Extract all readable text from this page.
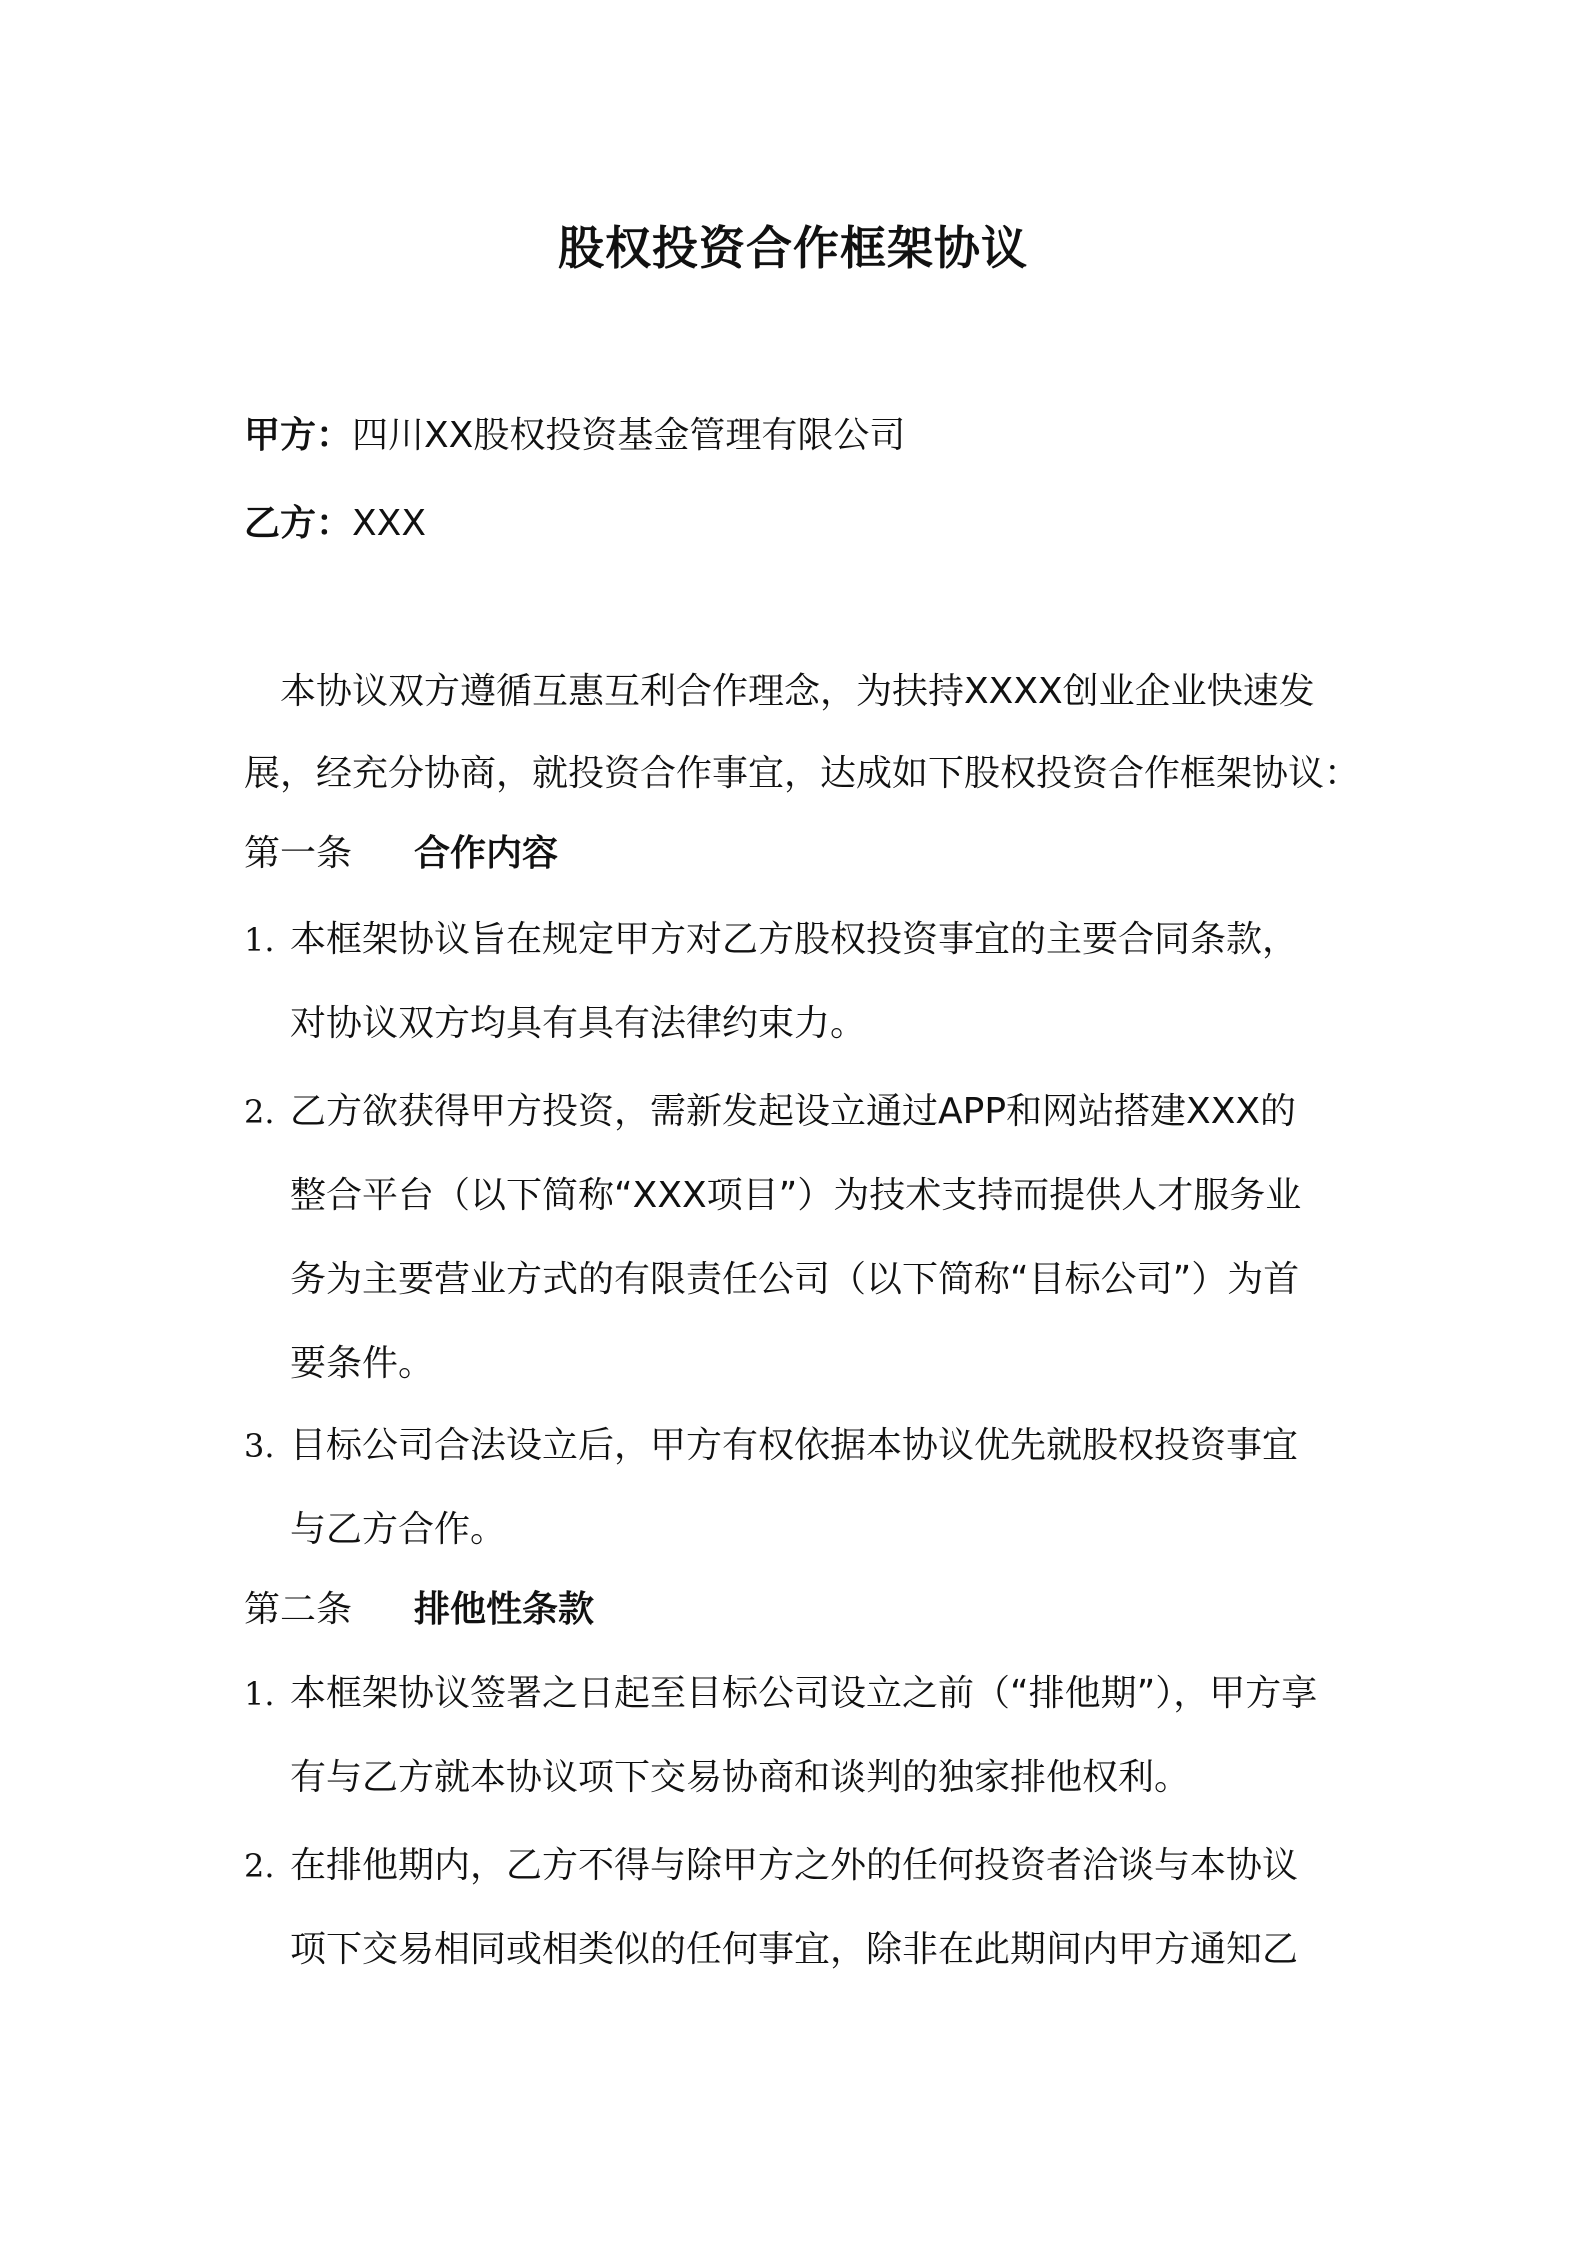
股权投资合作框架协议
甲方：四川XX股权投资基金管理有限公司
乙方：XXX
本协议双方遵循互惠互利合作理念，为扶持XXXX创业企业快速发
展，经充分协商，就投资合作事宜，达成如下股权投资合作框架协议：
第一条 合作内容
1. 本框架协议旨在规定甲方对乙方股权投资事宜的主要合同条款，
对协议双方均具有具有法律约束力。
2. 乙方欲获得甲方投资，需新发起设立通过APP和网站搭建XXX的
整合平台（以下简称“XXX项目”）为技术支持而提供人才服务业
务为主要营业方式的有限责任公司（以下简称“目标公司”）为首
要条件。
3. 目标公司合法设立后，甲方有权依据本协议优先就股权投资事宜
与乙方合作。
第二条 排他性条款
1. 本框架协议签署之日起至目标公司设立之前（“排他期”），甲方享
有与乙方就本协议项下交易协商和谈判的独家排他权利。
2. 在排他期内，乙方不得与除甲方之外的任何投资者洽谈与本协议
项下交易相同或相类似的任何事宜，除非在此期间内甲方通知乙
